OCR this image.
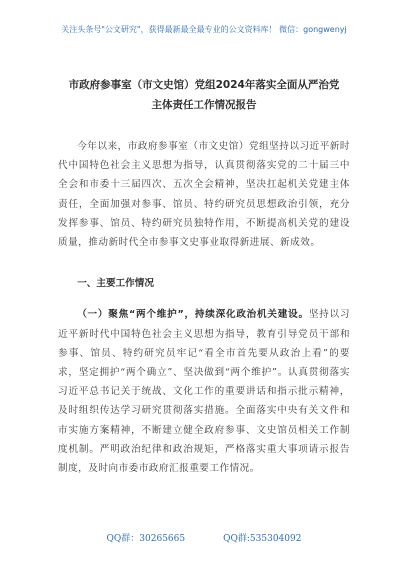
关注头条号"公文研究"，获得最新最全最专业的公文资料库！ 微信：gongwenyj
市政府参事室（市文史馆）党组2024年落实全面从严治党
主体责任工作情况报告

今年以来，市政府参事室（市文史馆）党组坚持以习近平新时代中国特色社会主义思想为指导，认真贯彻落实党的二十届三中全会和市委十三届四次、五次全会精神，坚决扛起机关党建主体责任，全面加强对参事、馆员、特约研究员思想政治引领，充分发挥参事、馆员、特约研究员独特作用，不断提高机关党的建设质量，推动新时代全市参事文史事业取得新进展、新成效。

一、主要工作情况

（一）聚焦“两个维护”，持续深化政治机关建设。坚持以习近平新时代中国特色社会主义思想为指导，教育引导党员干部和参事、馆员、特约研究员牢记“看全市首先要从政治上看”的要求，坚定拥护“两个确立”、坚决做到“两个维护”。认真贯彻落实习近平总书记关于统战、文化工作的重要讲话和指示批示精神，及时组织传达学习研究贯彻落实措施。全面落实中央有关文件和市实施方案精神，不断建立健全政府参事、文史馆员相关工作制度机制。严明政治纪律和政治规矩，严格落实重大事项请示报告制度，及时向市委市政府汇报重要工作情况。

QQ群：30265665	QQ群:535304092
